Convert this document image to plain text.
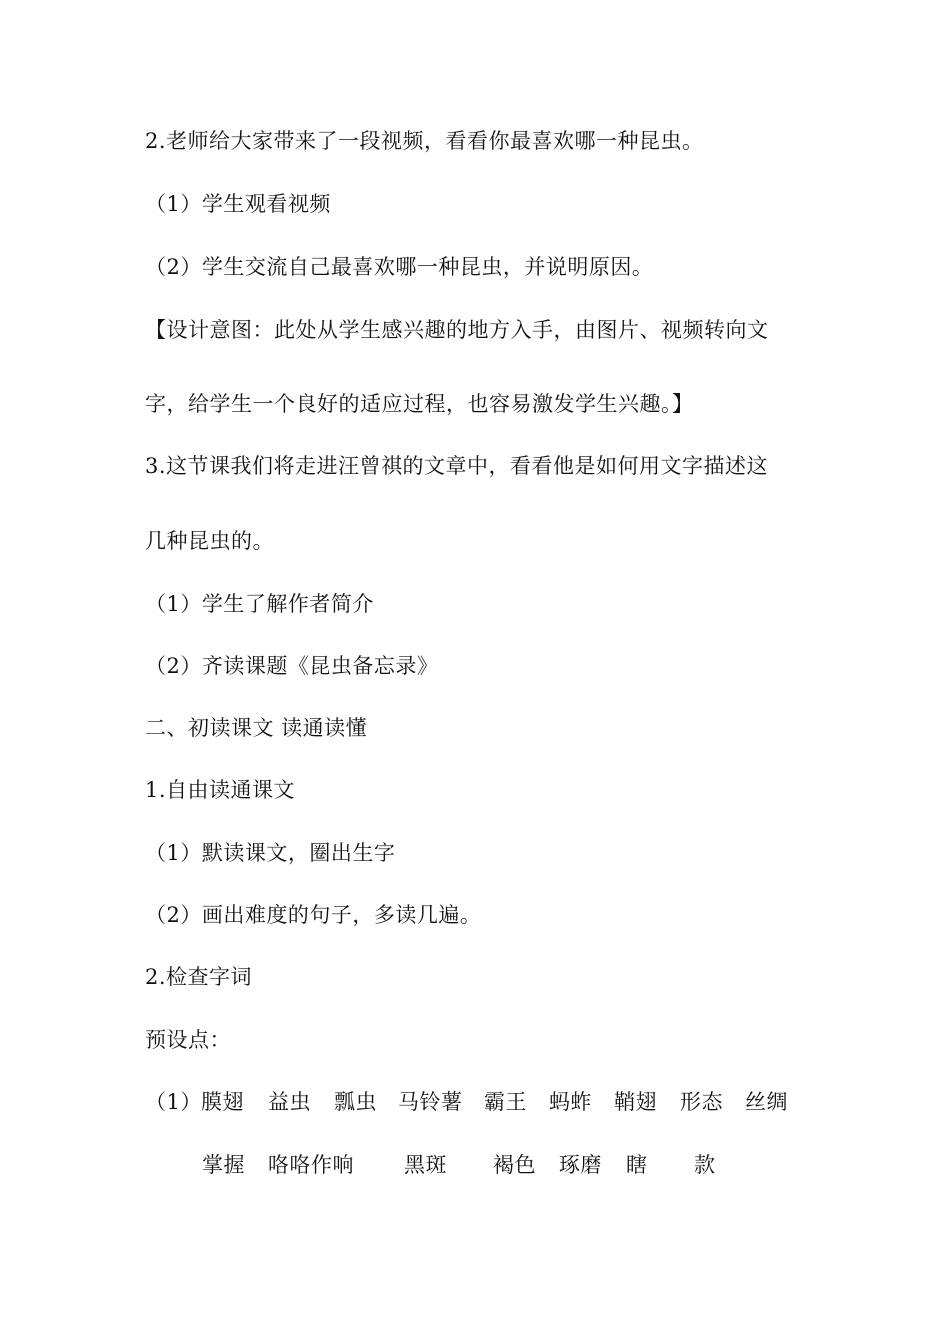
2.老师给大家带来了一段视频，看看你最喜欢哪一种昆虫。
（1）学生观看视频
（2）学生交流自己最喜欢哪一种昆虫，并说明原因。
【设计意图：此处从学生感兴趣的地方入手，由图片、视频转向文
字，给学生一个良好的适应过程，也容易激发学生兴趣。】
3.这节课我们将走进汪曾祺的文章中，看看他是如何用文字描述这
几种昆虫的。
（1）学生了解作者简介
（2）齐读课题《昆虫备忘录》
二、初读课文 读通读懂
1.自由读通课文
（1）默读课文，圈出生字
（2）画出难度的句子，多读几遍。
2.检查字词
预设点：
（1） 膜翅 益虫 瓢虫 马铃薯 霸王 蚂蚱 鞘翅 形态 丝绸
掌握 咯咯作响 黑斑 褐色 琢磨 瞎 款
